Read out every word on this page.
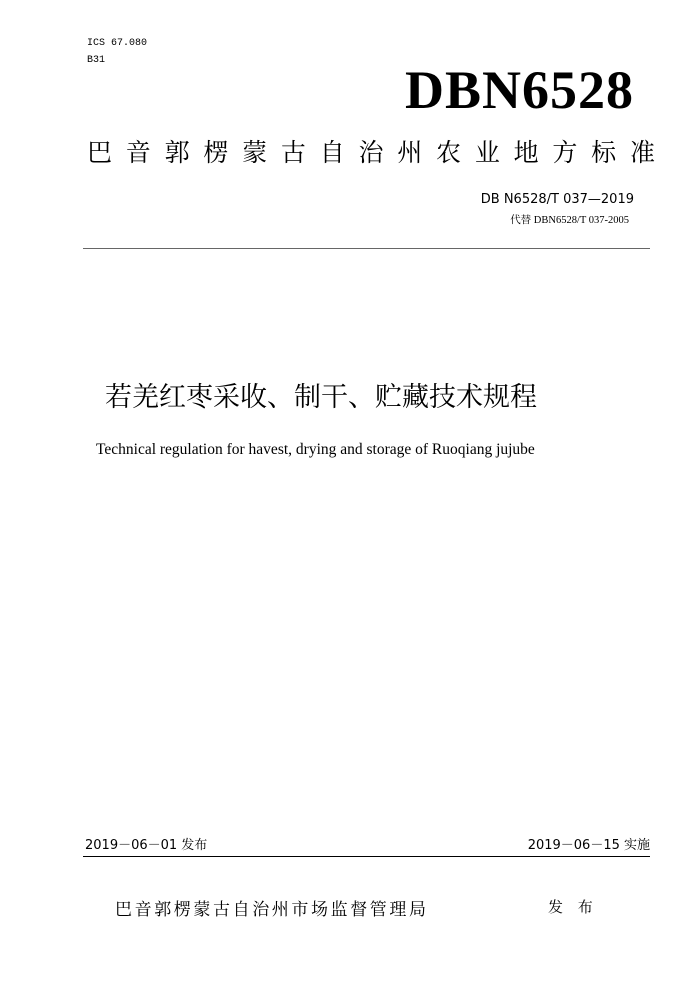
ICS 67.080
B31	DBN6528
巴 音 郭 楞 蒙 古 自 治 州 农 业 地 方 标 准
DB N6528/T 037—2019
代替 DBN6528/T 037-2005
若羌红枣采收、制干、贮藏技术规程
Technical regulation for havest, drying and storage of Ruoqiang jujube
2019－06－01 发布	2019－06－15 实施
巴音郭楞蒙古自治州市场监督管理局	发 布
